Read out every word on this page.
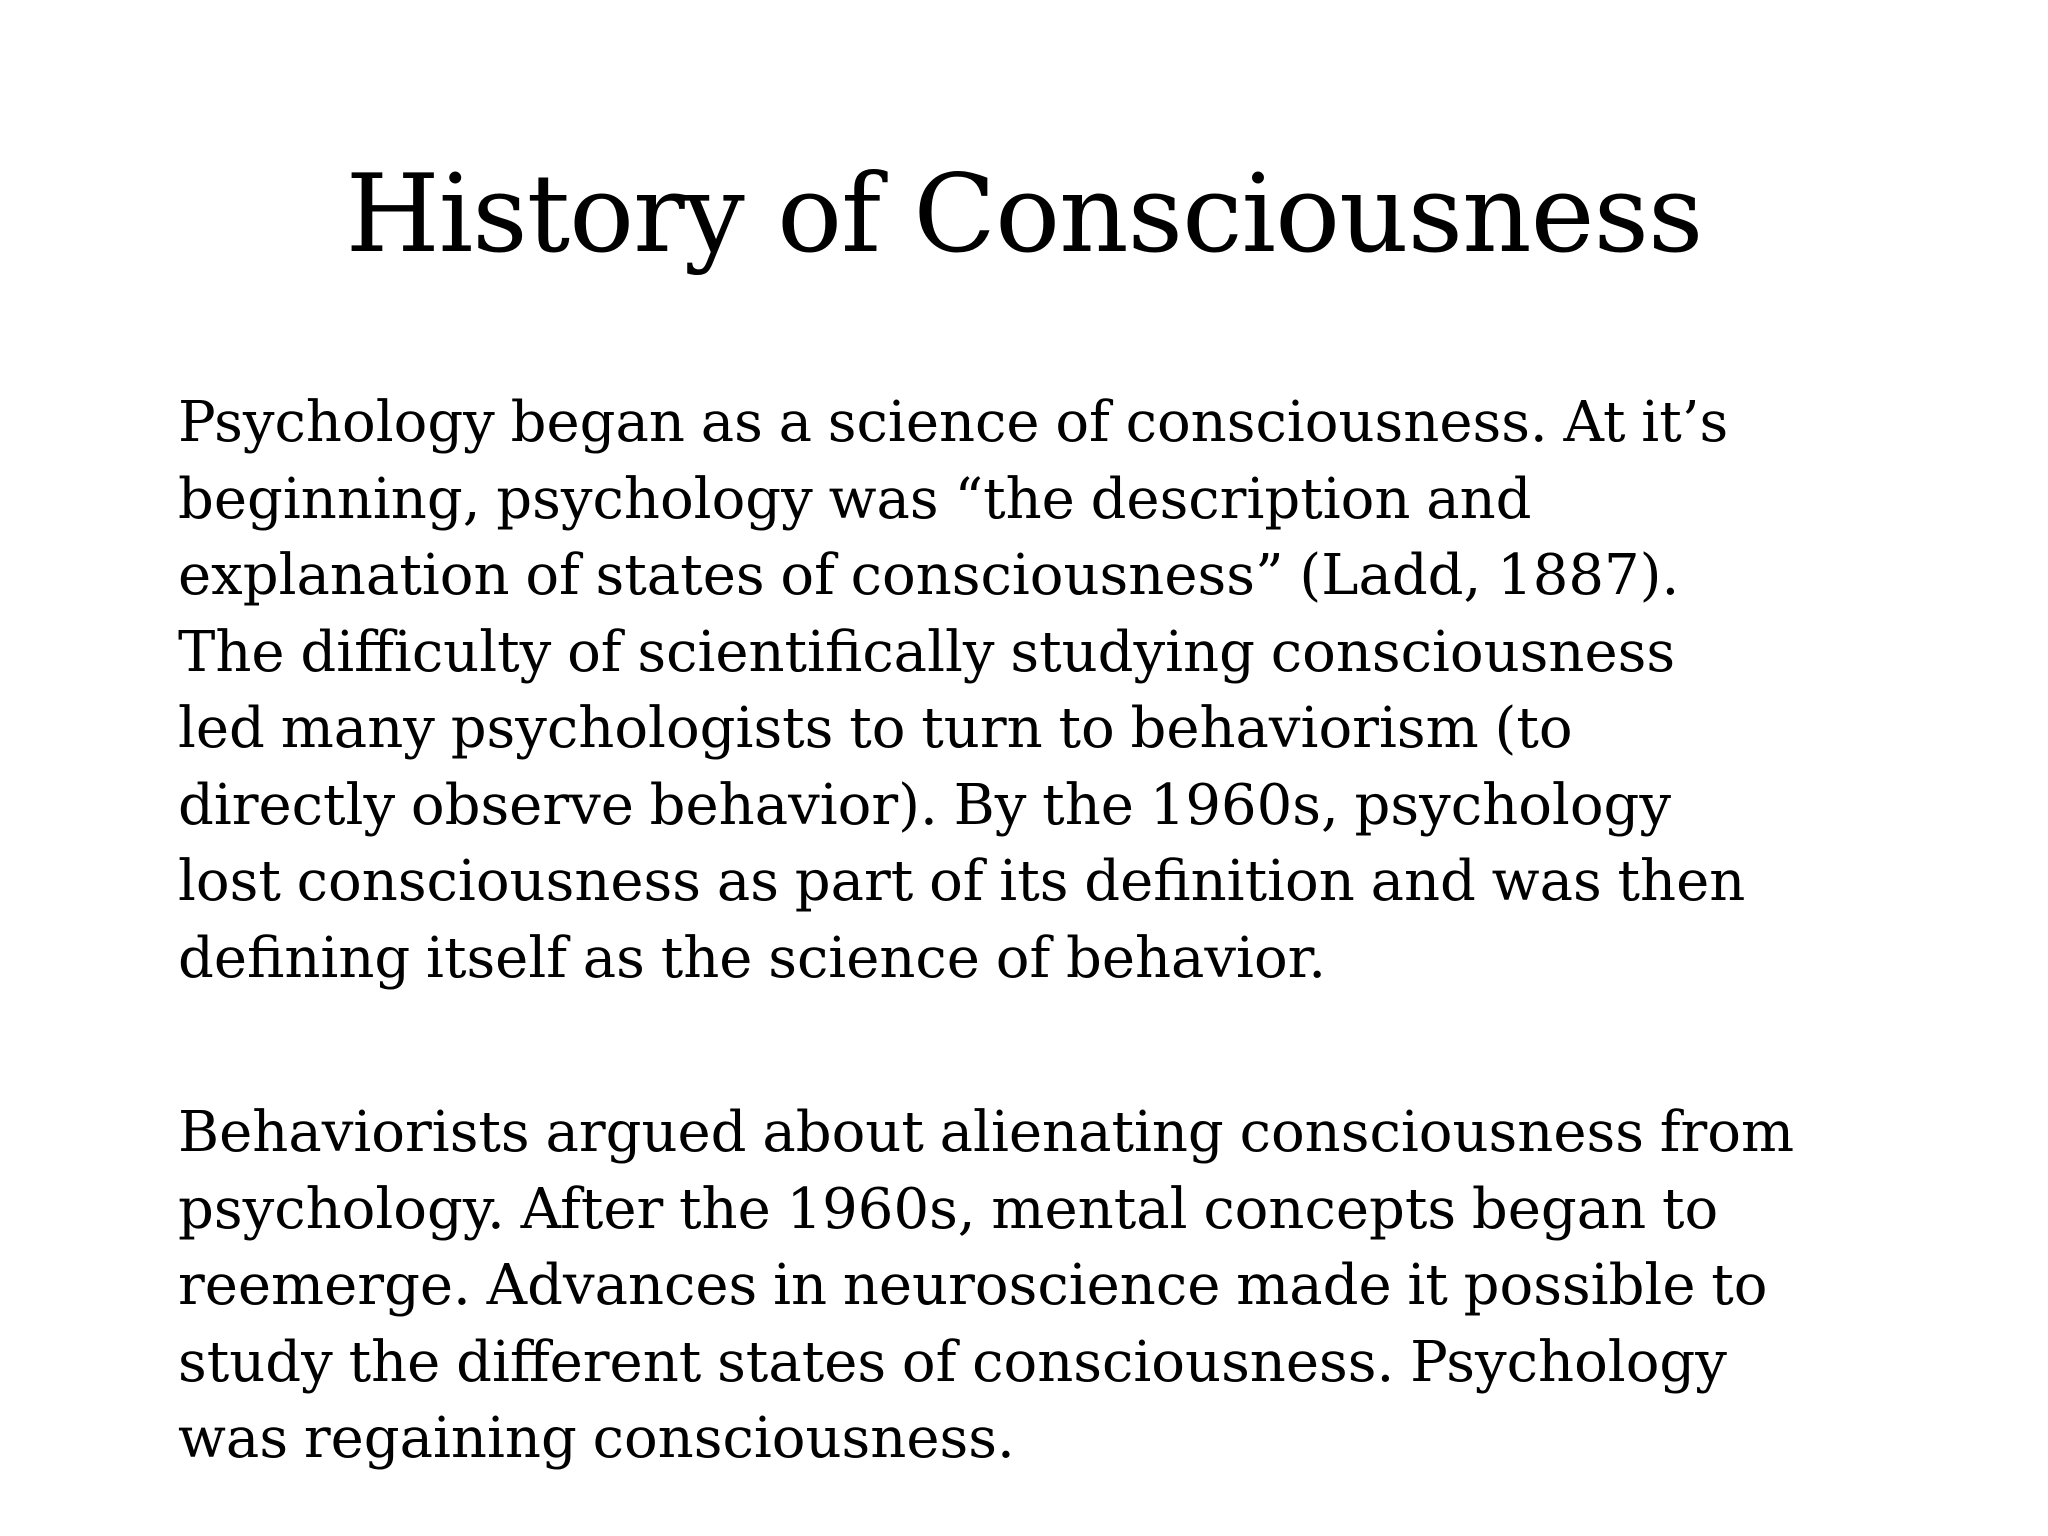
History of Consciousness

Psychology began as a science of consciousness. At it’s
beginning, psychology was “the description and
explanation of states of consciousness” (Ladd, 1887).
The difficulty of scientifically studying consciousness
led many psychologists to turn to behaviorism (to
directly observe behavior). By the 1960s, psychology
lost consciousness as part of its definition and was then
defining itself as the science of behavior.

Behaviorists argued about alienating consciousness from
psychology. After the 1960s, mental concepts began to
reemerge. Advances in neuroscience made it possible to
study the different states of consciousness. Psychology
was regaining consciousness.
